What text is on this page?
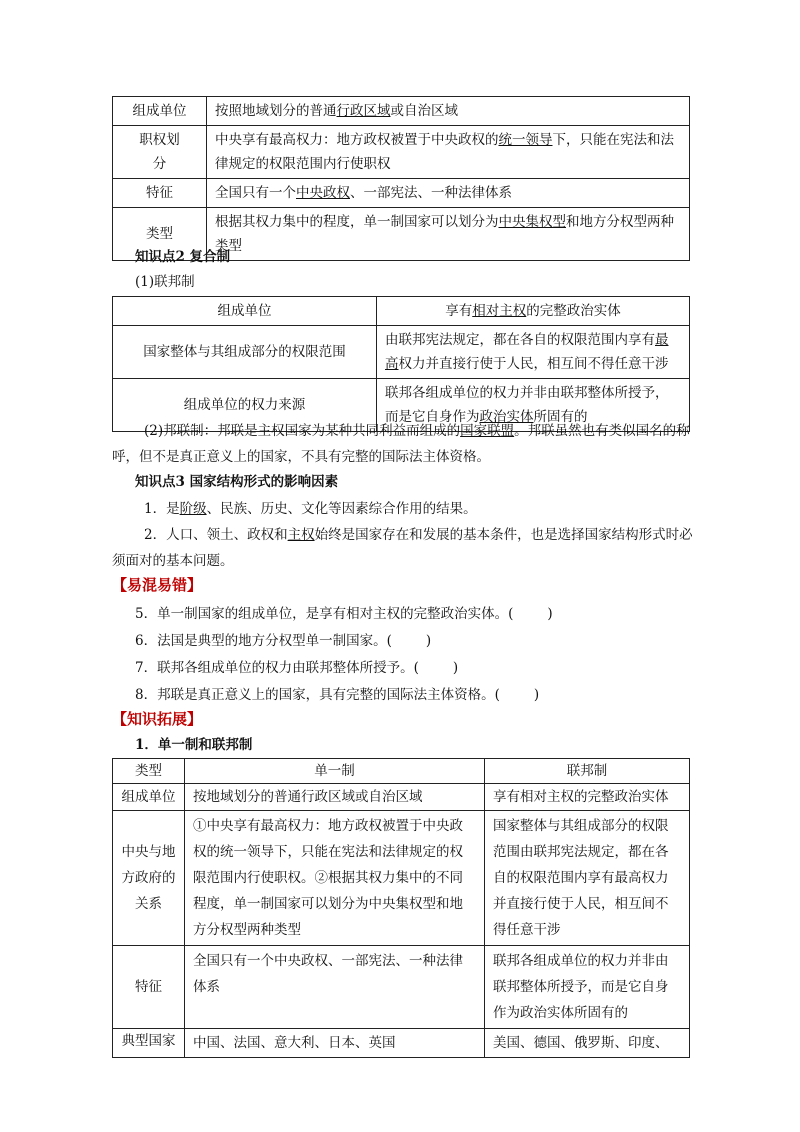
组成单位	按照地域划分的普通行政区域或自治区域
职权划分	中央享有最高权力：地方政权被置于中央政权的统一领导下，只能在宪法和法律规定的权限范围内行使职权
特征	全国只有一个中央政权、一部宪法、一种法律体系
类型	根据其权力集中的程度，单一制国家可以划分为中央集权型和地方分权型两种类型
知识点2 复合制
(1)联邦制
组成单位	享有相对主权的完整政治实体
国家整体与其组成部分的权限范围	由联邦宪法规定，都在各自的权限范围内享有最高权力并直接行使于人民，相互间不得任意干涉
组成单位的权力来源	联邦各组成单位的权力并非由联邦整体所授予，而是它自身作为政治实体所固有的
(2)邦联制：邦联是主权国家为某种共同利益而组成的国家联盟。邦联虽然也有类似国名的称呼，但不是真正意义上的国家，不具有完整的国际法主体资格。
知识点3 国家结构形式的影响因素
1．是阶级、民族、历史、文化等因素综合作用的结果。
2．人口、领土、政权和主权始终是国家存在和发展的基本条件，也是选择国家结构形式时必须面对的基本问题。
【易混易错】
5．单一制国家的组成单位，是享有相对主权的完整政治实体。(	)
6．法国是典型的地方分权型单一制国家。(	)
7．联邦各组成单位的权力由联邦整体所授予。(	)
8．邦联是真正意义上的国家，具有完整的国际法主体资格。(	)
【知识拓展】
1．单一制和联邦制
类型	单一制	联邦制
组成单位	按地域划分的普通行政区域或自治区域	享有相对主权的完整政治实体
中央与地方政府的关系	①中央享有最高权力：地方政权被置于中央政权的统一领导下，只能在宪法和法律规定的权限范围内行使职权。②根据其权力集中的不同程度，单一制国家可以划分为中央集权型和地方分权型两种类型	国家整体与其组成部分的权限范围由联邦宪法规定，都在各自的权限范围内享有最高权力并直接行使于人民，相互间不得任意干涉
特征	全国只有一个中央政权、一部宪法、一种法律体系	联邦各组成单位的权力并非由联邦整体所授予，而是它自身作为政治实体所固有的
典型国家	中国、法国、意大利、日本、英国	美国、德国、俄罗斯、印度、
